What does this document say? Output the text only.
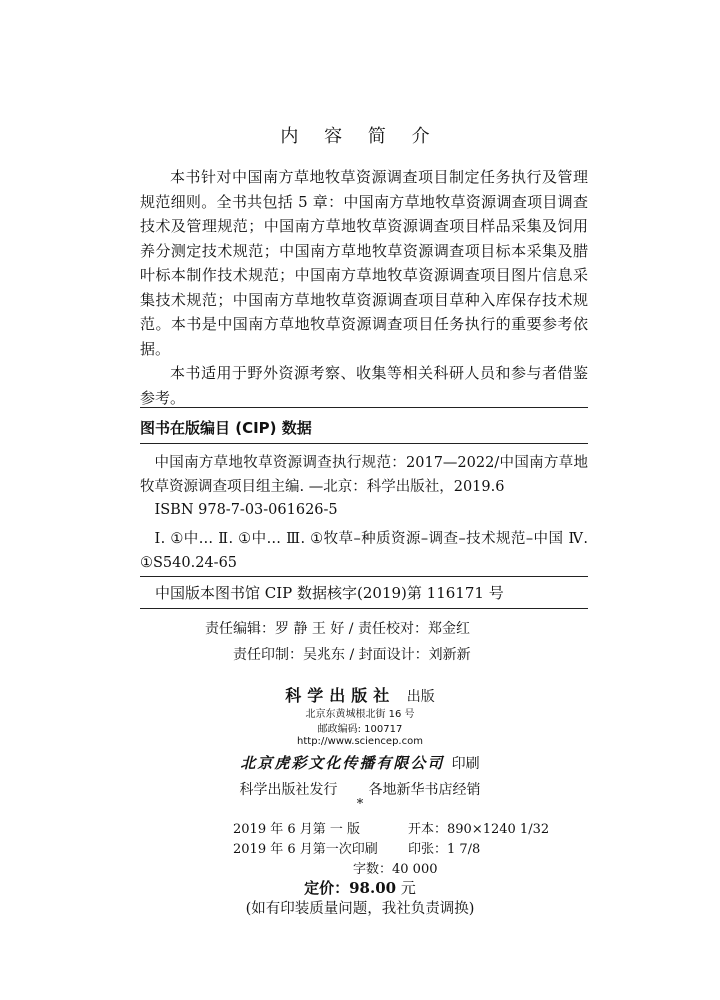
内 容 简 介

本书针对中国南方草地牧草资源调查项目制定任务执行及管理规范细则。全书共包括 5 章：中国南方草地牧草资源调查项目调查技术及管理规范；中国南方草地牧草资源调查项目样品采集及饲用养分测定技术规范；中国南方草地牧草资源调查项目标本采集及腊叶标本制作技术规范；中国南方草地牧草资源调查项目图片信息采集技术规范；中国南方草地牧草资源调查项目草种入库保存技术规范。本书是中国南方草地牧草资源调查项目任务执行的重要参考依据。

本书适用于野外资源考察、收集等相关科研人员和参与者借鉴参考。

图书在版编目 (CIP) 数据

中国南方草地牧草资源调查执行规范：2017—2022/中国南方草地牧草资源调查项目组主编. —北京：科学出版社，2019.6

ISBN 978-7-03-061626-5

Ⅰ. ①中… Ⅱ. ①中… Ⅲ. ①牧草–种质资源–调查–技术规范–中国 Ⅳ. ①S540.24-65

中国版本图书馆 CIP 数据核字(2019)第 116171 号
责任编辑：罗 静 王 好 / 责任校对：郑金红
责任印制：吴兆东 / 封面设计：刘新新
科学出版社 出版
北京东黄城根北街 16 号
邮政编码: 100717
http://www.sciencep.com
北京虎彩文化传播有限公司 印刷
科学出版社发行 各地新华书店经销
*
2019 年 6 月第 一 版	开本：890×1240 1/32
2019 年 6 月第一次印刷 印张：1 7/8
字数：40 000
定价：98.00 元
(如有印装质量问题，我社负责调换)
